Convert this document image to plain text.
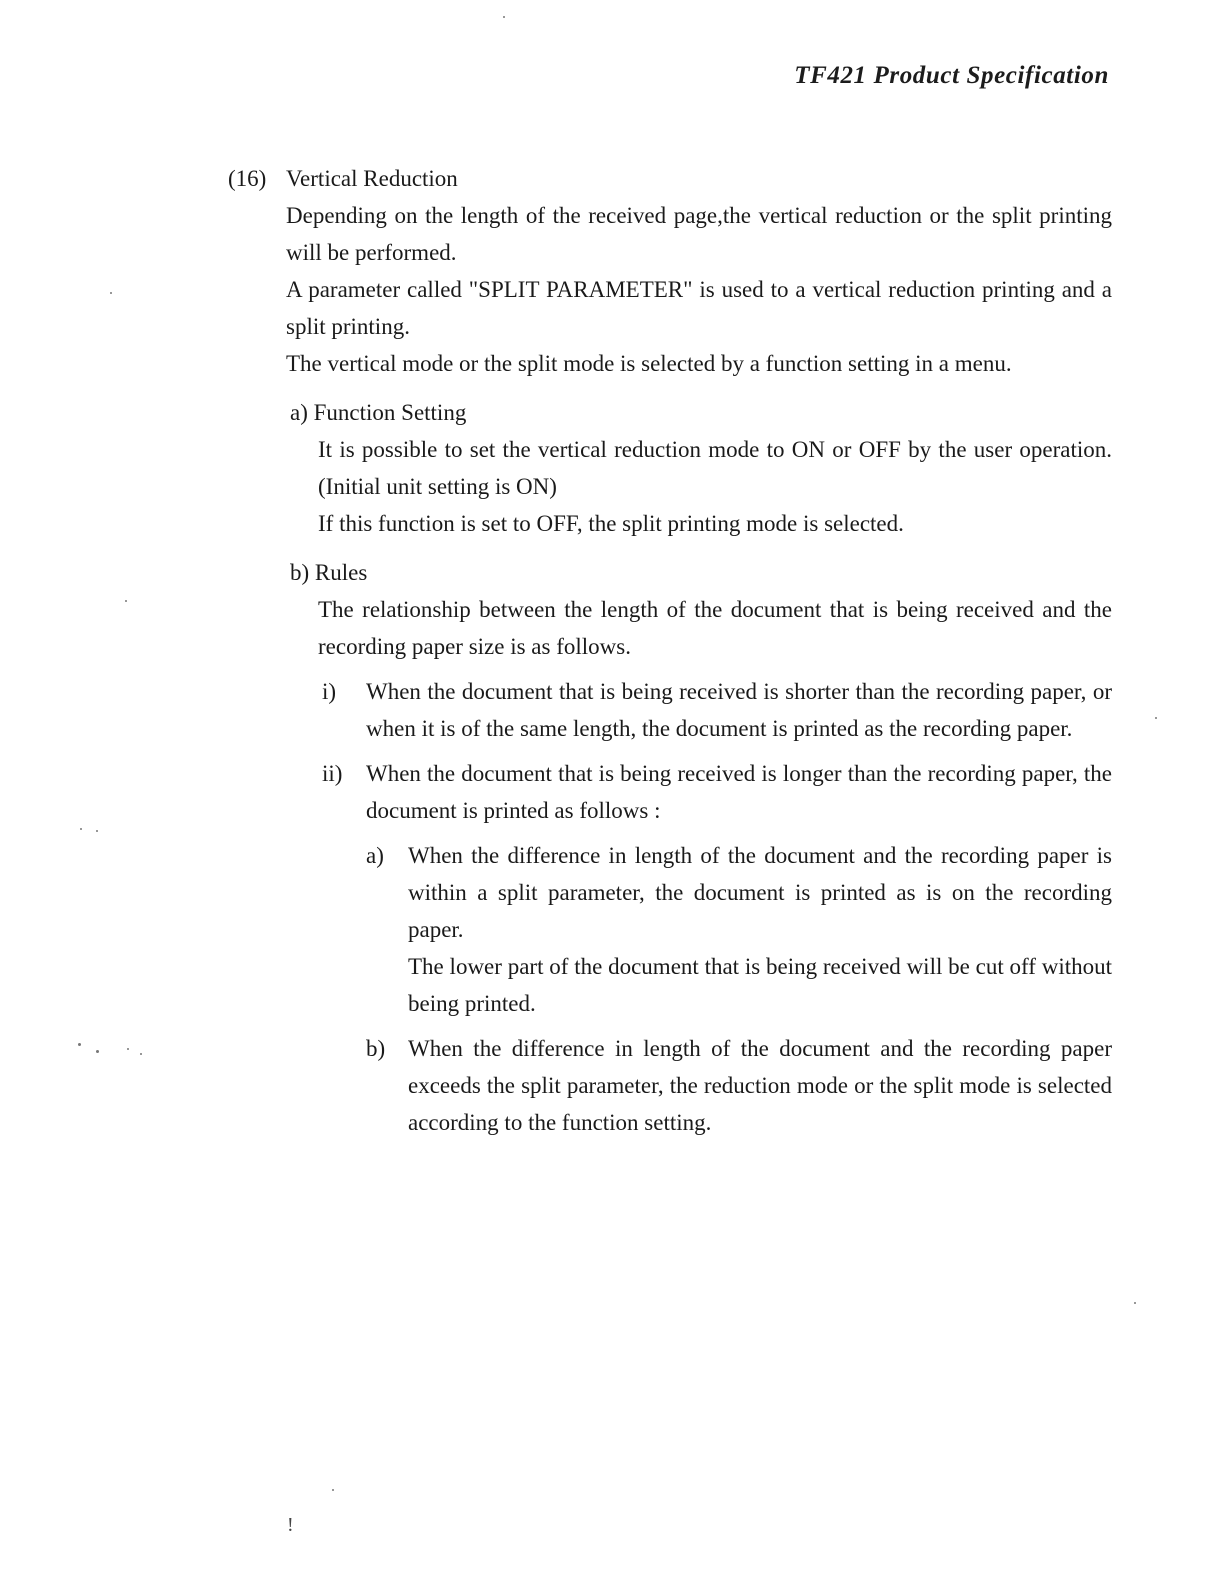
TF421 Product Specification
(16) Vertical Reduction

Depending on the length of the received page,the vertical reduction or the split printing will be performed.

A parameter called "SPLIT PARAMETER" is used to a vertical reduction printing and a split printing.

The vertical mode or the split mode is selected by a function setting in a menu.

a) Function Setting

It is possible to set the vertical reduction mode to ON or OFF by the user operation. (Initial unit setting is ON)

If this function is set to OFF, the split printing mode is selected.

b) Rules

The relationship between the length of the document that is being received and the recording paper size is as follows.

i)	When the document that is being received is shorter than the recording paper, or when it is of the same length, the document is printed as the recording paper.

ii)	When the document that is being received is longer than the recording paper, the document is printed as follows :

a)	When the difference in length of the document and the recording paper is within a split parameter, the document is printed as is on the recording paper.

The lower part of the document that is being received will be cut off without being printed.

b) When the difference in length of the document and the recording paper exceeds the split parameter, the reduction mode or the split mode is selected according to the function setting.

!
